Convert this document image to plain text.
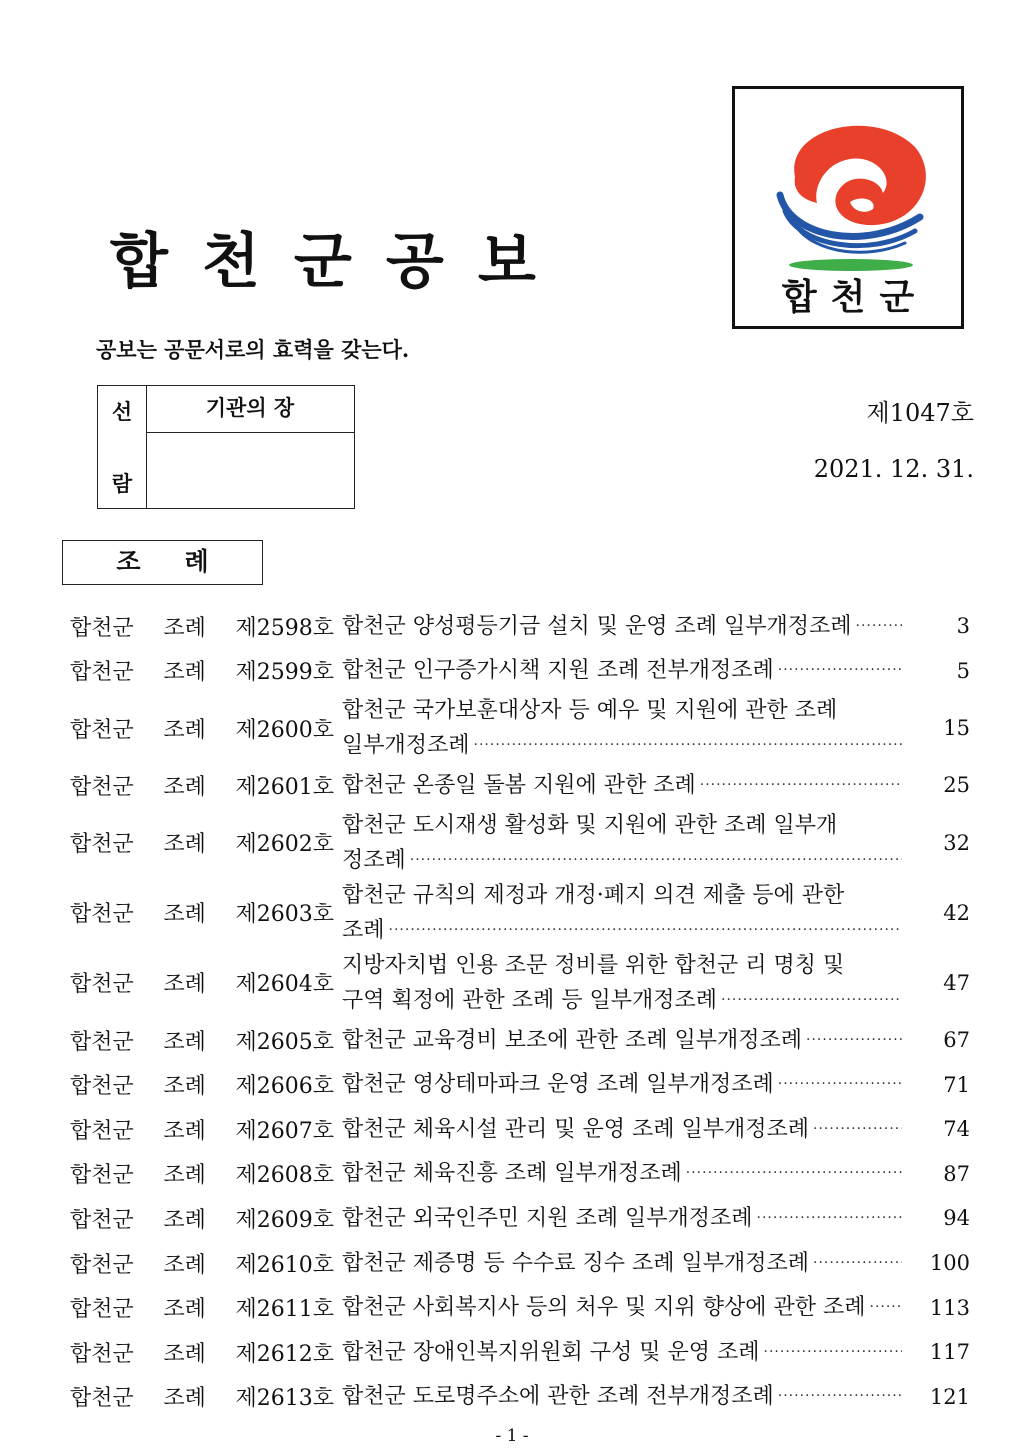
합천군공보
공보는 공문서로의 효력을 갖는다.
합천군
선
람
기관의 장	제1047호
2021. 12. 31.
조례
합천군 조례 제2598호 합천군 양성평등기금 설치 및 운영 조례 일부개정조례 ·····	3
합천군 조례 제2599호 합천군 인구증가시책 지원 조례 전부개정조례 ·····	5
합천군 조례 제2600호
합천군 국가보훈대상자 등 예우 및 지원에 관한 조례
일부개정조례
·····
15
합천군 조례 제2601호 합천군 온종일 돌봄 지원에 관한 조례 ·····	25
합천군 조례 제2602호
합천군 도시재생 활성화 및 지원에 관한 조례 일부개
정조례
·····
32
합천군 조례 제2603호
합천군 규칙의 제정과 개정·폐지 의견 제출 등에 관한
조례
·····
42
합천군 조례 제2604호
지방자치법 인용 조문 정비를 위한 합천군 리 명칭 및
구역 획정에 관한 조례 등 일부개정조례
·····
47
합천군 조례 제2605호 합천군 교육경비 보조에 관한 조례 일부개정조례 ·····	67
합천군 조례 제2606호 합천군 영상테마파크 운영 조례 일부개정조례 ·····	71
합천군 조례 제2607호 합천군 체육시설 관리 및 운영 조례 일부개정조례 ·····	74
합천군 조례 제2608호 합천군 체육진흥 조례 일부개정조례 ·····	87
합천군 조례 제2609호 합천군 외국인주민 지원 조례 일부개정조례 ·····	94
합천군 조례 제2610호 합천군 제증명 등 수수료 징수 조례 일부개정조례 ·····	100
합천군 조례 제2611호 합천군 사회복지사 등의 처우 및 지위 향상에 관한 조례 ·····	113
합천군 조례 제2612호 합천군 장애인복지위원회 구성 및 운영 조례 ·····	117
합천군 조례 제2613호 합천군 도로명주소에 관한 조례 전부개정조례 ·····	121
- 1 -
